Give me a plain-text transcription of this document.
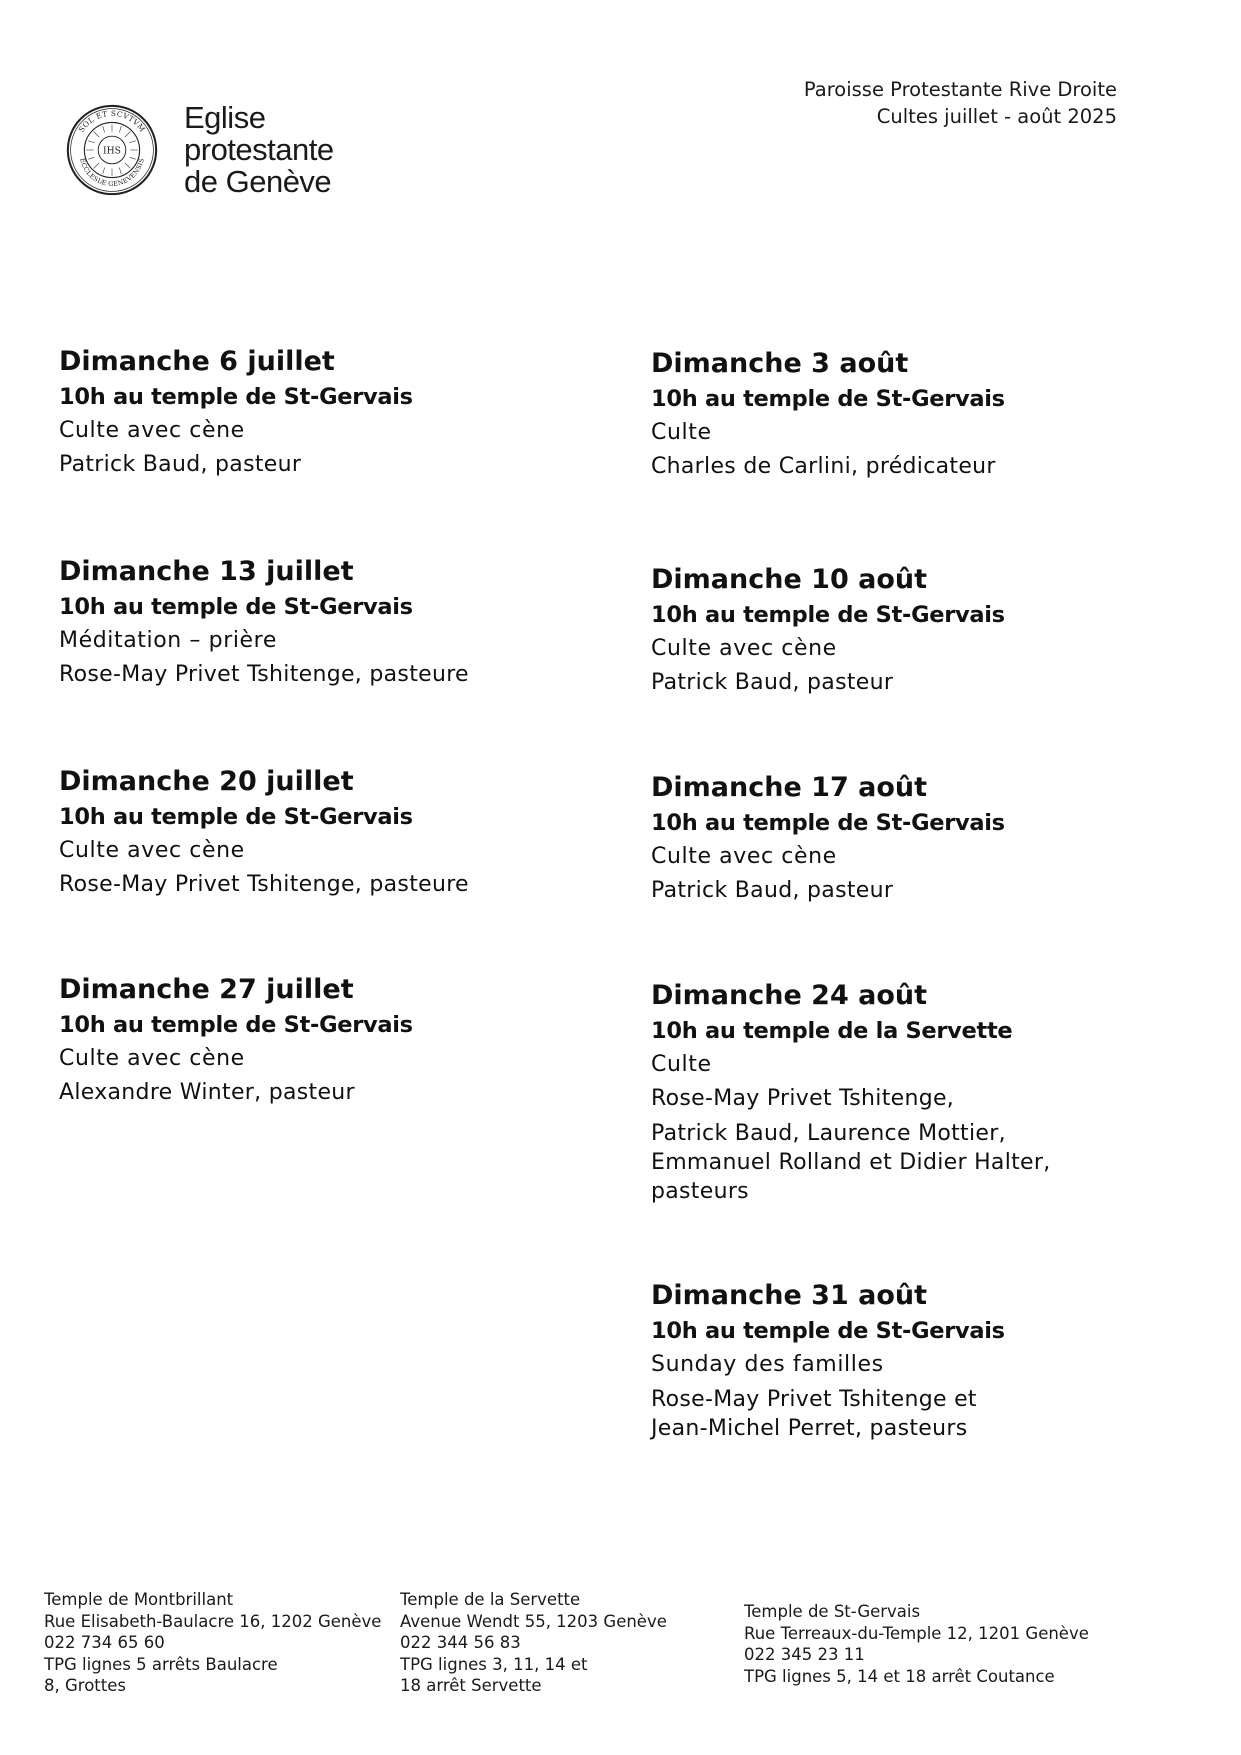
SOL ET SCVTVM
ECCLESIÆ GENEVENSIS
IHS
Eglise
protestante
de Genève
Paroisse Protestante Rive Droite
Cultes juillet - août 2025
Dimanche 6 juillet
10h au temple de St-Gervais
Culte avec cène
Patrick Baud, pasteur
Dimanche 13 juillet
10h au temple de St-Gervais
Méditation – prière
Rose-May Privet Tshitenge, pasteure
Dimanche 20 juillet
10h au temple de St-Gervais
Culte avec cène
Rose-May Privet Tshitenge, pasteure
Dimanche 27 juillet
10h au temple de St-Gervais
Culte avec cène
Alexandre Winter, pasteur
Dimanche 3 août
10h au temple de St-Gervais
Culte
Charles de Carlini, prédicateur
Dimanche 10 août
10h au temple de St-Gervais
Culte avec cène
Patrick Baud, pasteur
Dimanche 17 août
10h au temple de St-Gervais
Culte avec cène
Patrick Baud, pasteur
Dimanche 24 août
10h au temple de la Servette
Culte
Rose-May Privet Tshitenge,
Patrick Baud, Laurence Mottier,
Emmanuel Rolland et Didier Halter,
pasteurs
Dimanche 31 août
10h au temple de St-Gervais
Sunday des familles
Rose-May Privet Tshitenge et
Jean-Michel Perret, pasteurs
Temple de Montbrillant
Rue Elisabeth-Baulacre 16, 1202 Genève
022 734 65 60
TPG lignes 5 arrêts Baulacre
8, Grottes
Temple de la Servette
Avenue Wendt 55, 1203 Genève
022 344 56 83
TPG lignes 3, 11, 14 et
18 arrêt Servette
Temple de St-Gervais
Rue Terreaux-du-Temple 12, 1201 Genève
022 345 23 11
TPG lignes 5, 14 et 18 arrêt Coutance
